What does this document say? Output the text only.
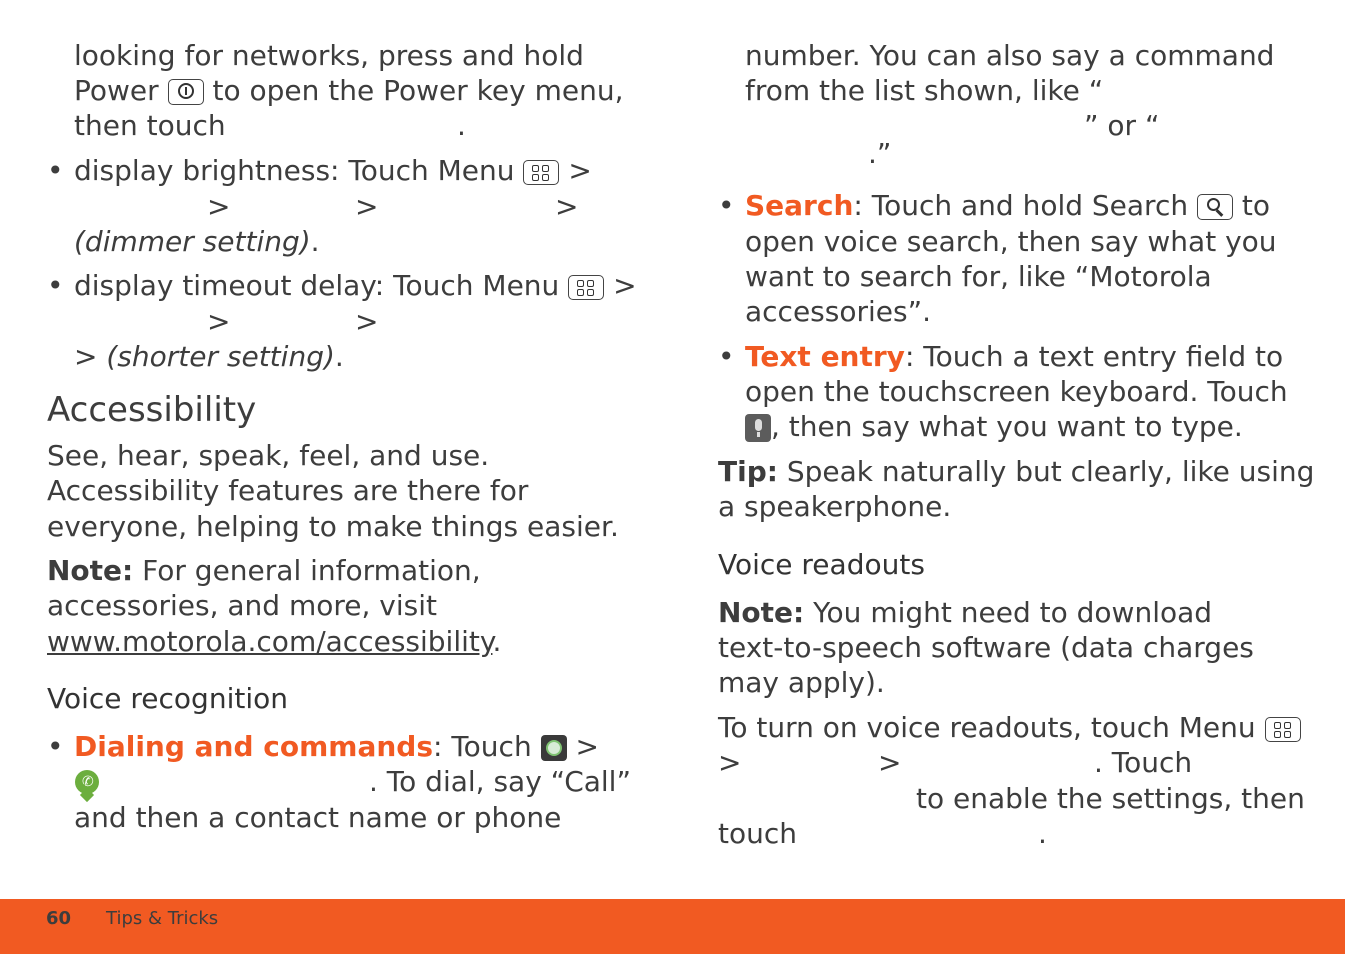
looking for networks, press and hold
Power to open the Power key menu,
then touch	.
• display brightness: Touch Menu >
>	>	>
(dimmer setting).
• display timeout delay: Touch Menu >
>	>
> (shorter setting).
Accessibility
See, hear, speak, feel, and use.
Accessibility features are there for
everyone, helping to make things easier.
Note: For general information,
accessories, and more, visit
www.motorola.com/accessibility.
Voice recognition
• Dialing and commands: Touch >
✆	. To dial, say “Call”
and then a contact name or phone
number. You can also say a command
from the list shown, like “
” or “
.”
• Search: Touch and hold Search to
open voice search, then say what you
want to search for, like “Motorola
accessories”.
• Text entry: Touch a text entry field to
open the touchscreen keyboard. Touch
, then say what you want to type.
Tip: Speak naturally but clearly, like using
a speakerphone.
Voice readouts
Note: You might need to download
text-to-speech software (data charges
may apply).
To turn on voice readouts, touch Menu
>	>	. Touch
to enable the settings, then
touch	.
60 Tips & Tricks
